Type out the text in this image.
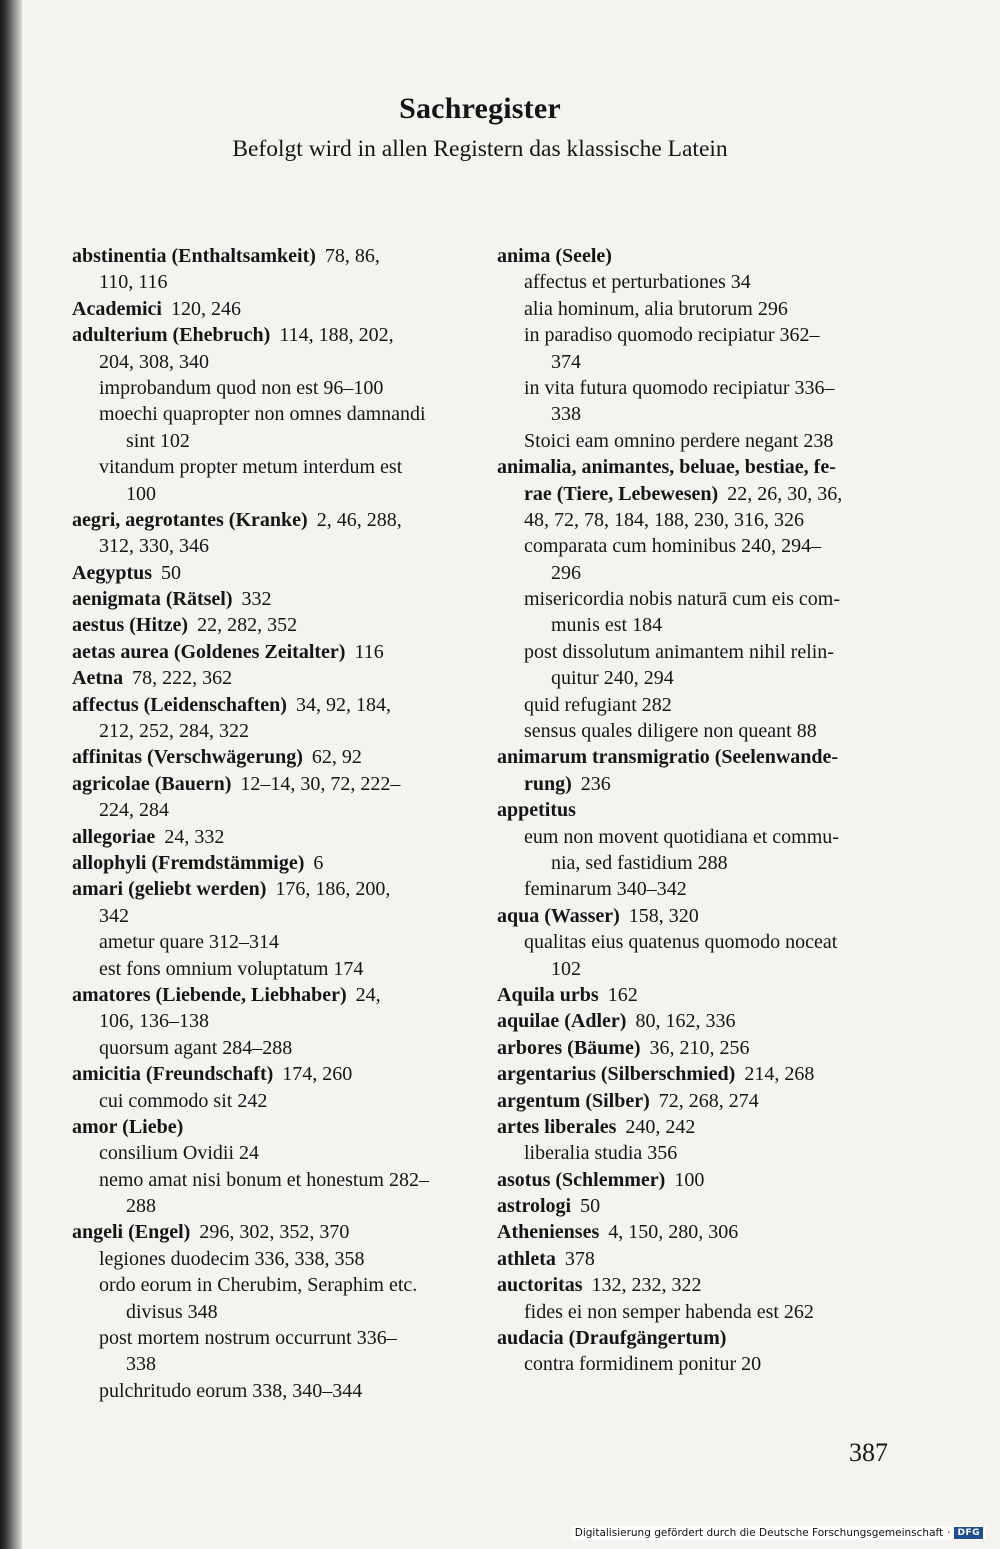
Sachregister
Befolgt wird in allen Registern das klassische Latein
abstinentia (Enthaltsamkeit) 78, 86,
110, 116
Academici 120, 246
adulterium (Ehebruch) 114, 188, 202,
204, 308, 340
improbandum quod non est 96–100
moechi quapropter non omnes damnandi
sint 102
vitandum propter metum interdum est
100
aegri, aegrotantes (Kranke) 2, 46, 288,
312, 330, 346
Aegyptus 50
aenigmata (Rätsel) 332
aestus (Hitze) 22, 282, 352
aetas aurea (Goldenes Zeitalter) 116
Aetna 78, 222, 362
affectus (Leidenschaften) 34, 92, 184,
212, 252, 284, 322
affinitas (Verschwägerung) 62, 92
agricolae (Bauern) 12–14, 30, 72, 222–
224, 284
allegoriae 24, 332
allophyli (Fremdstämmige) 6
amari (geliebt werden) 176, 186, 200,
342
ametur quare 312–314
est fons omnium voluptatum 174
amatores (Liebende, Liebhaber) 24,
106, 136–138
quorsum agant 284–288
amicitia (Freundschaft) 174, 260
cui commodo sit 242
amor (Liebe)
consilium Ovidii 24
nemo amat nisi bonum et honestum 282–
288
angeli (Engel) 296, 302, 352, 370
legiones duodecim 336, 338, 358
ordo eorum in Cherubim, Seraphim etc.
divisus 348
post mortem nostrum occurrunt 336–
338
pulchritudo eorum 338, 340–344
anima (Seele)
affectus et perturbationes 34
alia hominum, alia brutorum 296
in paradiso quomodo recipiatur 362–
374
in vita futura quomodo recipiatur 336–
338
Stoici eam omnino perdere negant 238
animalia, animantes, beluae, bestiae, fe-
rae (Tiere, Lebewesen) 22, 26, 30, 36,
48, 72, 78, 184, 188, 230, 316, 326
comparata cum hominibus 240, 294–
296
misericordia nobis naturā cum eis com-
munis est 184
post dissolutum animantem nihil relin-
quitur 240, 294
quid refugiant 282
sensus quales diligere non queant 88
animarum transmigratio (Seelenwande-
rung) 236
appetitus
eum non movent quotidiana et commu-
nia, sed fastidium 288
feminarum 340–342
aqua (Wasser) 158, 320
qualitas eius quatenus quomodo noceat
102
Aquila urbs 162
aquilae (Adler) 80, 162, 336
arbores (Bäume) 36, 210, 256
argentarius (Silberschmied) 214, 268
argentum (Silber) 72, 268, 274
artes liberales 240, 242
liberalia studia 356
asotus (Schlemmer) 100
astrologi 50
Athenienses 4, 150, 280, 306
athleta 378
auctoritas 132, 232, 322
fides ei non semper habenda est 262
audacia (Draufgängertum)
contra formidinem ponitur 20
387
Digitalisierung gefördert durch die Deutsche Forschungsgemeinschaft · DFG
